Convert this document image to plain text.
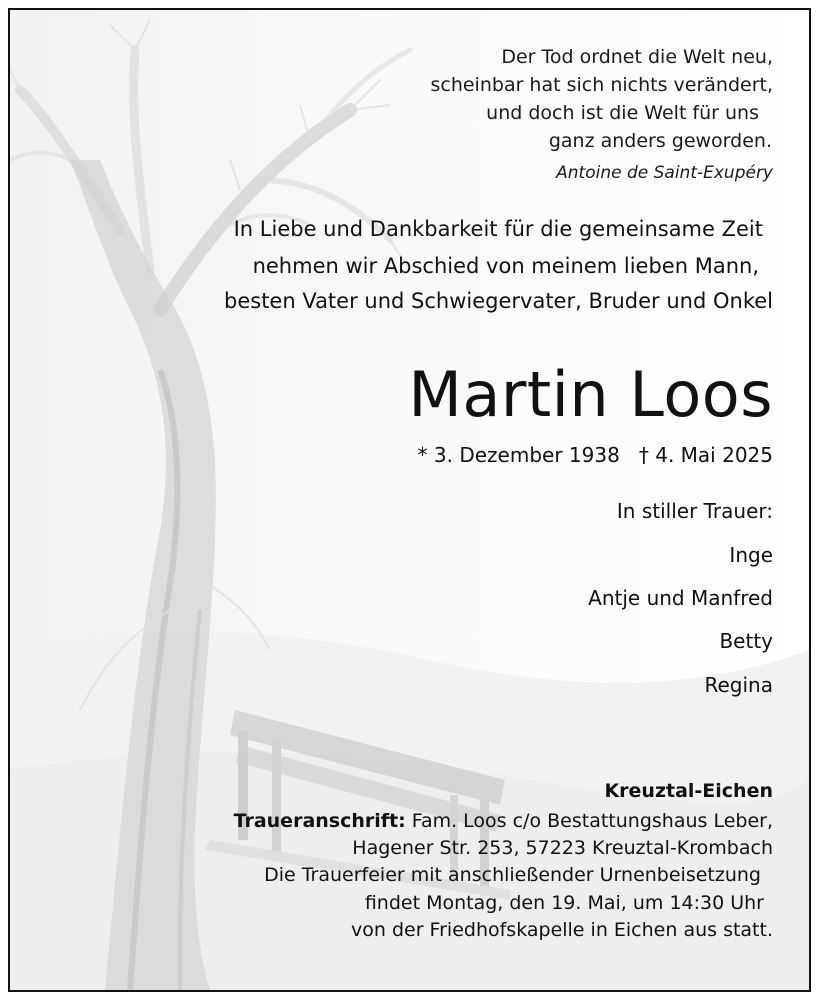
Der Tod ordnet die Welt neu,
scheinbar hat sich nichts verändert,
und doch ist die Welt für uns
ganz anders geworden.
Antoine de Saint-Exupéry
In Liebe und Dankbarkeit für die gemeinsame Zeit
nehmen wir Abschied von meinem lieben Mann,
besten Vater und Schwiegervater, Bruder und Onkel
Martin Loos
* 3. Dezember 1938   † 4. Mai 2025
In stiller Trauer:
Inge
Antje und Manfred
Betty
Regina
Kreuztal-Eichen
Traueranschrift: Fam. Loos c/o Bestattungshaus Leber,
Hagener Str. 253, 57223 Kreuztal-Krombach
Die Trauerfeier mit anschließender Urnenbeisetzung
findet Montag, den 19. Mai, um 14:30 Uhr
von der Friedhofskapelle in Eichen aus statt.
